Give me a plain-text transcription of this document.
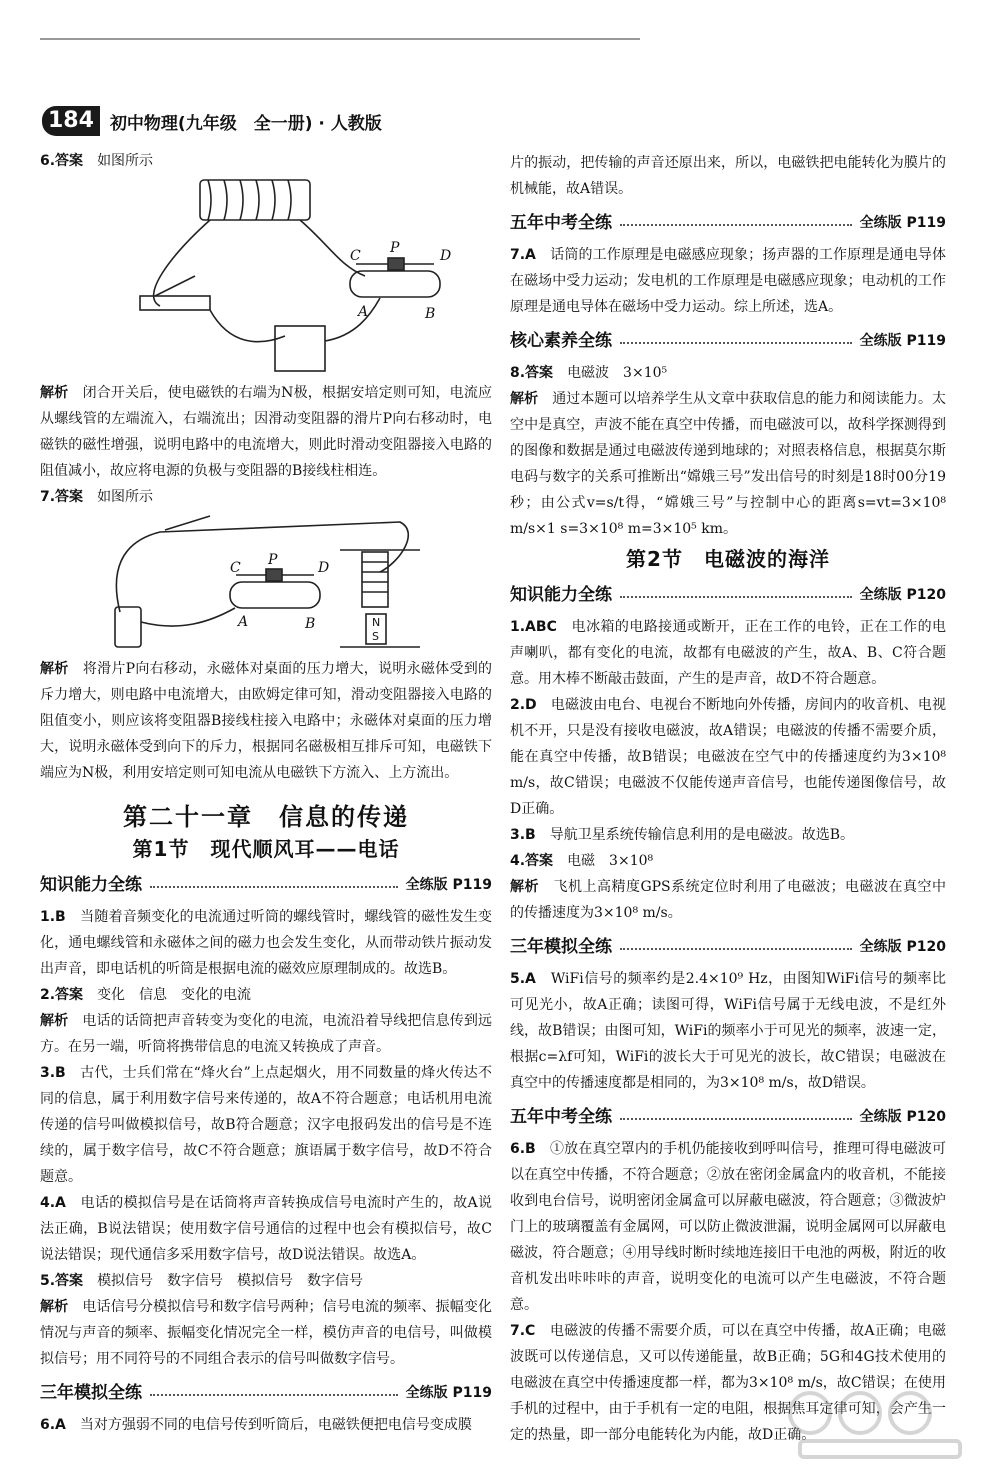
184 初中物理(九年级　全一册) · 人教版

6.答案　 如图所示

C P	D
A	B

解析　 闭合开关后，使电磁铁的右端为N极，根据安培定则可知，电流应从螺线管的左端流入，右端流出；因滑动变阻器的滑片P向右移动时，电磁铁的磁性增强，说明电路中的电流增大，则此时滑动变阻器接入电路的阻值减小，故应将电源的负极与变阻器的B接线柱相连。

7.答案　 如图所示

C P	D
A	B	N
S

解析　 将滑片P向右移动，永磁体对桌面的压力增大，说明永磁体受到的斥力增大，则电路中电流增大，由欧姆定律可知，滑动变阻器接入电路的阻值变小，则应该将变阻器B接线柱接入电路中；永磁体对桌面的压力增大，说明永磁体受到向下的斥力，根据同名磁极相互排斥可知，电磁铁下端应为N极，利用安培定则可知电流从电磁铁下方流入、上方流出。

第二十一章　信息的传递
第1节　现代顺风耳——电话
知识能力全练	全练版 P119

1.B　 当随着音频变化的电流通过听筒的螺线管时，螺线管的磁性发生变化，通电螺线管和永磁体之间的磁力也会发生变化，从而带动铁片振动发出声音，即电话机的听筒是根据电流的磁效应原理制成的。故选B。

2.答案　 变化　信息　变化的电流

解析　 电话的话筒把声音转变为变化的电流，电流沿着导线把信息传到远方。在另一端，听筒将携带信息的电流又转换成了声音。

3.B　 古代，士兵们常在“烽火台”上点起烟火，用不同数量的烽火传达不同的信息，属于利用数字信号来传递的，故A不符合题意；电话机用电流传递的信号叫做模拟信号，故B符合题意；汉字电报码发出的信号是不连续的，属于数字信号，故C不符合题意；旗语属于数字信号，故D不符合题意。

4.A　 电话的模拟信号是在话筒将声音转换成信号电流时产生的，故A说法正确，B说法错误；使用数字信号通信的过程中也会有模拟信号，故C说法错误；现代通信多采用数字信号，故D说法错误。故选A。

5.答案　 模拟信号　数字信号　模拟信号　数字信号

解析　 电话信号分模拟信号和数字信号两种；信号电流的频率、振幅变化情况与声音的频率、振幅变化情况完全一样，模仿声音的电信号，叫做模拟信号；用不同符号的不同组合表示的信号叫做数字信号。

三年模拟全练	全练版 P119

6.A　 当对方强弱不同的电信号传到听筒后，电磁铁便把电信号变成膜

片的振动，把传输的声音还原出来，所以，电磁铁把电能转化为膜片的机械能，故A错误。

五年中考全练	全练版 P119

7.A　 话筒的工作原理是电磁感应现象；扬声器的工作原理是通电导体在磁场中受力运动；发电机的工作原理是电磁感应现象；电动机的工作原理是通电导体在磁场中受力运动。综上所述，选A。

核心素养全练	全练版 P119

8.答案　 电磁波　3×10⁵

解析　 通过本题可以培养学生从文章中获取信息的能力和阅读能力。太空中是真空，声波不能在真空中传播，而电磁波可以，故科学探测得到的图像和数据是通过电磁波传递到地球的；对照表格信息，根据莫尔斯电码与数字的关系可推断出“嫦娥三号”发出信号的时刻是18时00分19秒；由公式v=s/t得，“嫦娥三号”与控制中心的距离s=vt=3×10⁸ m/s×1 s=3×10⁸ m=3×10⁵ km。

第2节　电磁波的海洋
知识能力全练	全练版 P120

1.ABC　 电冰箱的电路接通或断开，正在工作的电铃，正在工作的电声喇叭，都有变化的电流，故都有电磁波的产生，故A、B、C符合题意。用木棒不断敲击鼓面，产生的是声音，故D不符合题意。

2.D　 电磁波由电台、电视台不断地向外传播，房间内的收音机、电视机不开，只是没有接收电磁波，故A错误；电磁波的传播不需要介质，能在真空中传播，故B错误；电磁波在空气中的传播速度约为3×10⁸ m/s，故C错误；电磁波不仅能传递声音信号，也能传递图像信号，故D正确。

3.B　 导航卫星系统传输信息利用的是电磁波。故选B。

4.答案　 电磁　3×10⁸

解析　 飞机上高精度GPS系统定位时利用了电磁波；电磁波在真空中的传播速度为3×10⁸ m/s。

三年模拟全练	全练版 P120

5.A　 WiFi信号的频率约是2.4×10⁹ Hz，由图知WiFi信号的频率比可见光小，故A正确；读图可得，WiFi信号属于无线电波，不是红外线，故B错误；由图可知，WiFi的频率小于可见光的频率，波速一定，根据c=λf可知，WiFi的波长大于可见光的波长，故C错误；电磁波在真空中的传播速度都是相同的，为3×10⁸ m/s，故D错误。

五年中考全练	全练版 P120

6.B　 ①放在真空罩内的手机仍能接收到呼叫信号，推理可得电磁波可以在真空中传播，不符合题意；②放在密闭金属盒内的收音机，不能接收到电台信号，说明密闭金属盒可以屏蔽电磁波，符合题意；③微波炉门上的玻璃覆盖有金属网，可以防止微波泄漏，说明金属网可以屏蔽电磁波，符合题意；④用导线时断时续地连接旧干电池的两极，附近的收音机发出咔咔咔的声音，说明变化的电流可以产生电磁波，不符合题意。

7.C　 电磁波的传播不需要介质，可以在真空中传播，故A正确；电磁波既可以传递信息，又可以传递能量，故B正确；5G和4G技术使用的电磁波在真空中传播速度都一样，都为3×10⁸ m/s，故C错误；在使用手机的过程中，由于手机有一定的电阻，根据焦耳定律可知，会产生一定的热量，即一部分电能转化为内能，故D正确。
